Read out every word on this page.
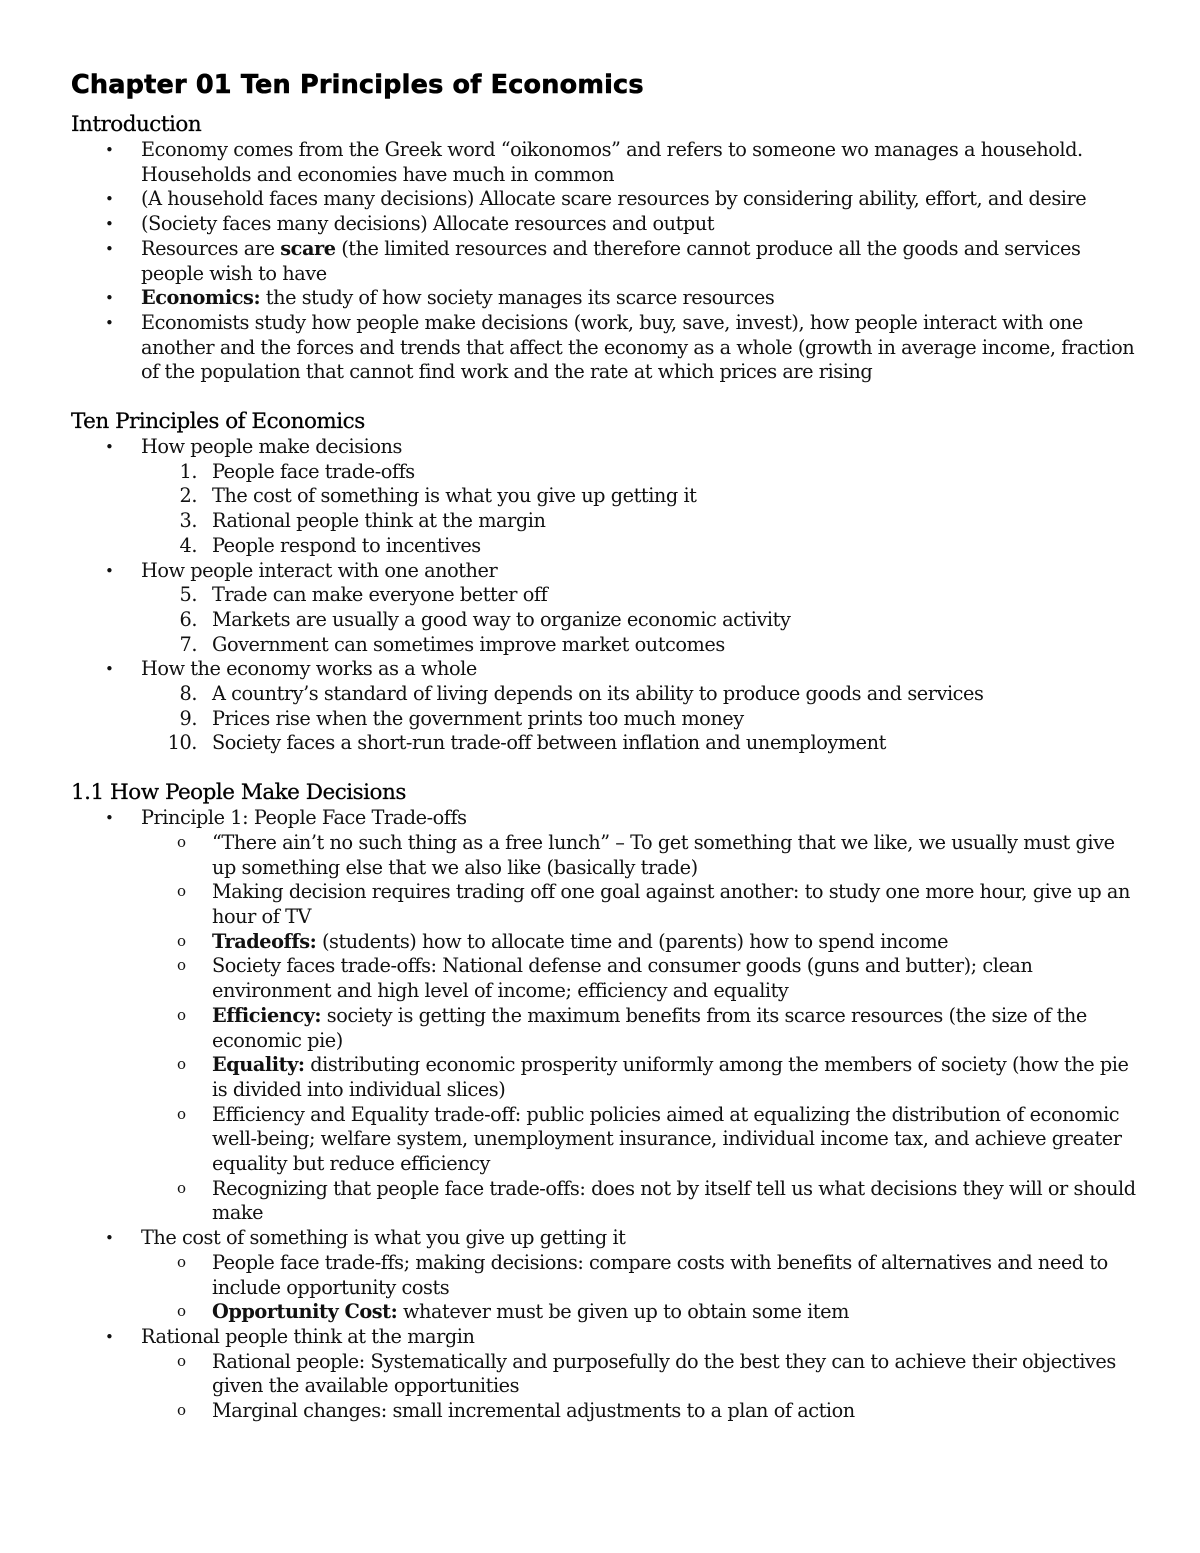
Chapter 01 Ten Principles of Economics
Introduction
• Economy comes from the Greek word “oikonomos” and refers to someone wo manages a household. Households and economies have much in common
• (A household faces many decisions) Allocate scare resources by considering ability, effort, and desire
• (Society faces many decisions) Allocate resources and output
• Resources are scare (the limited resources and therefore cannot produce all the goods and services people wish to have
• Economics: the study of how society manages its scarce resources
• Economists study how people make decisions (work, buy, save, invest), how people interact with one another and the forces and trends that affect the economy as a whole (growth in average income, fraction of the population that cannot find work and the rate at which prices are rising
Ten Principles of Economics
• How people make decisions
1. People face trade-offs
2. The cost of something is what you give up getting it
3. Rational people think at the margin
4. People respond to incentives
• How people interact with one another
5. Trade can make everyone better off
6. Markets are usually a good way to organize economic activity
7. Government can sometimes improve market outcomes
• How the economy works as a whole
8. A country’s standard of living depends on its ability to produce goods and services
9. Prices rise when the government prints too much money
10. Society faces a short-run trade-off between inflation and unemployment
1.1 How People Make Decisions
• Principle 1: People Face Trade-offs
o “There ain’t no such thing as a free lunch” – To get something that we like, we usually must give up something else that we also like (basically trade)
o Making decision requires trading off one goal against another: to study one more hour, give up an hour of TV
o Tradeoffs: (students) how to allocate time and (parents) how to spend income
o Society faces trade-offs: National defense and consumer goods (guns and butter); clean environment and high level of income; efficiency and equality
o Efficiency: society is getting the maximum benefits from its scarce resources (the size of the economic pie)
o Equality: distributing economic prosperity uniformly among the members of society (how the pie is divided into individual slices)
o Efficiency and Equality trade-off: public policies aimed at equalizing the distribution of economic well-being; welfare system, unemployment insurance, individual income tax, and achieve greater equality but reduce efficiency
o Recognizing that people face trade-offs: does not by itself tell us what decisions they will or should make
• The cost of something is what you give up getting it
o People face trade-ffs; making decisions: compare costs with benefits of alternatives and need to include opportunity costs
o Opportunity Cost: whatever must be given up to obtain some item
• Rational people think at the margin
o Rational people: Systematically and purposefully do the best they can to achieve their objectives given the available opportunities
o Marginal changes: small incremental adjustments to a plan of action
